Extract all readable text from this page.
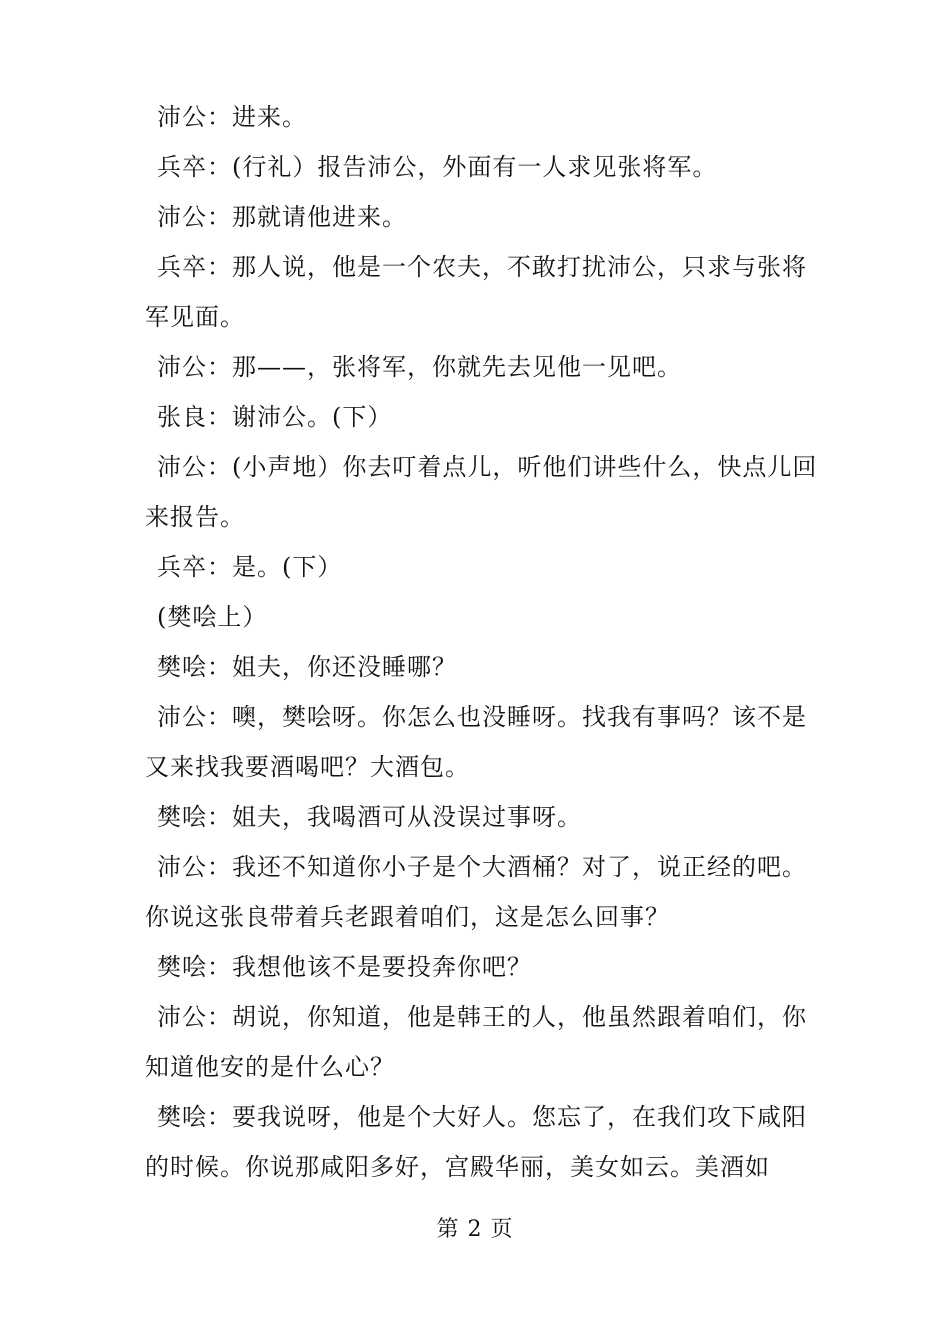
沛公：进来。

兵卒：(行礼）报告沛公，外面有一人求见张将军。

沛公：那就请他进来。

兵卒：那人说，他是一个农夫，不敢打扰沛公，只求与张将军见面。

沛公：那——，张将军，你就先去见他一见吧。

张良：谢沛公。(下）

沛公：(小声地）你去叮着点儿，听他们讲些什么，快点儿回来报告。

兵卒：是。(下）

(樊哙上）

樊哙：姐夫，你还没睡哪？

沛公：噢，樊哙呀。你怎么也没睡呀。找我有事吗？该不是又来找我要酒喝吧？大酒包。

樊哙：姐夫，我喝酒可从没误过事呀。

沛公：我还不知道你小子是个大酒桶？对了，说正经的吧。你说这张良带着兵老跟着咱们，这是怎么回事？

樊哙：我想他该不是要投奔你吧？

沛公：胡说，你知道，他是韩王的人，他虽然跟着咱们，你知道他安的是什么心？

樊哙：要我说呀，他是个大好人。您忘了，在我们攻下咸阳的时候。你说那咸阳多好，宫殿华丽，美女如云。美酒如

第 2 页
